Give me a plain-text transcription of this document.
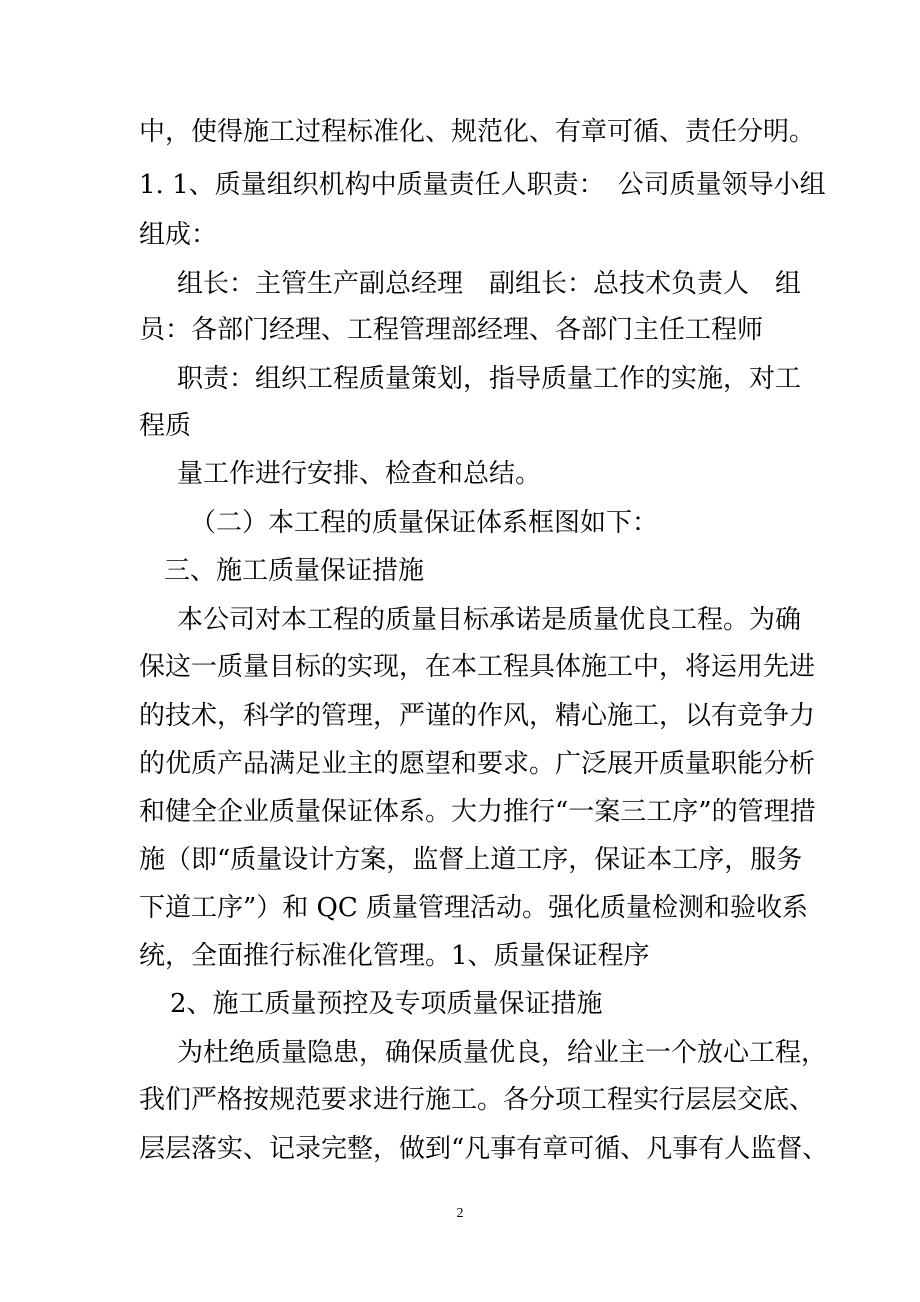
中，使得施工过程标准化、规范化、有章可循、责任分明。
1. 1、质量组织机构中质量责任人职责：　公司质量领导小组
组成：
组长：主管生产副总经理　副组长：总技术负责人　组
员：各部门经理、工程管理部经理、各部门主任工程师
职责：组织工程质量策划，指导质量工作的实施，对工
程质
量工作进行安排、检查和总结。
（二）本工程的质量保证体系框图如下：
三、施工质量保证措施
本公司对本工程的质量目标承诺是质量优良工程。为确
保这一质量目标的实现，在本工程具体施工中，将运用先进
的技术，科学的管理，严谨的作风，精心施工，以有竞争力
的优质产品满足业主的愿望和要求。广泛展开质量职能分析
和健全企业质量保证体系。大力推行“一案三工序”的管理措
施（即“质量设计方案，监督上道工序，保证本工序，服务
下道工序”）和 QC 质量管理活动。强化质量检测和验收系
统，全面推行标准化管理。1、质量保证程序
2、施工质量预控及专项质量保证措施
为杜绝质量隐患，确保质量优良，给业主一个放心工程，
我们严格按规范要求进行施工。各分项工程实行层层交底、
层层落实、记录完整，做到“凡事有章可循、凡事有人监督、
2
